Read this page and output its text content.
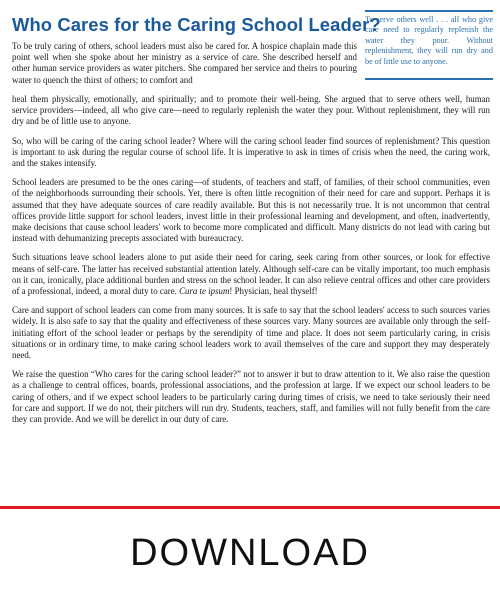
Who Cares for the Caring School Leader?

To be truly caring of others, school leaders must also be cared for. A hospice chaplain made this point well when she spoke about her ministry as a service of care. She described herself and other human service providers as water pitchers. She compared her service and theirs to pouring water to quench the thirst of others; to comfort and

To serve others well . . . all who give care need to regularly replenish the water they pour. Without replenishment, they will run dry and be of little use to anyone.

heal them physically, emotionally, and spiritually; and to promote their well-being. She argued that to serve others well, human service providers—indeed, all who give care—need to regularly replenish the water they pour. Without replenishment, they will run dry and be of little use to anyone.

So, who will be caring of the caring school leader? Where will the caring school leader find sources of replenishment? This question is important to ask during the regular course of school life. It is imperative to ask in times of crisis when the need, the caring work, and the stakes intensify.

School leaders are presumed to be the ones caring—of students, of teachers and staff, of families, of their school communities, even of the neighborhoods surrounding their schools. Yet, there is often little recognition of their need for care and support. Perhaps it is assumed that they have adequate sources of care readily available. But this is not necessarily true. It is not uncommon that central offices provide little support for school leaders, invest little in their professional learning and development, and often, inadvertently, make decisions that cause school leaders' work to become more complicated and difficult. Many districts do not lead with caring but instead with dehumanizing precepts associated with bureaucracy.

Such situations leave school leaders alone to put aside their need for caring, seek caring from other sources, or look for effective means of self-care. The latter has received substantial attention lately. Although self-care can be vitally important, too much emphasis on it can, ironically, place additional burden and stress on the school leader. It can also relieve central offices and other care providers of a professional, indeed, a moral duty to care. Cura te ipsum! Physician, heal thyself!

Care and support of school leaders can come from many sources. It is safe to say that the school leaders' access to such sources varies widely. It is also safe to say that the quality and effectiveness of these sources vary. Many sources are available only through the self-initiating effort of the school leader or perhaps by the serendipity of time and place. It does not seem particularly caring, in crisis situations or in ordinary time, to make caring school leaders work to avail themselves of the care and support they may desperately need.

We raise the question “Who cares for the caring school leader?” not to answer it but to draw attention to it. We also raise the question as a challenge to central offices, boards, professional associations, and the profession at large. If we expect our school leaders to be caring of others, and if we expect school leaders to be particularly caring during times of crisis, we need to take seriously their need for care and support. If we do not, their pitchers will run dry. Students, teachers, staff, and families will not fully benefit from the care they can provide. And we will be derelict in our duty of care.

DOWNLOAD
